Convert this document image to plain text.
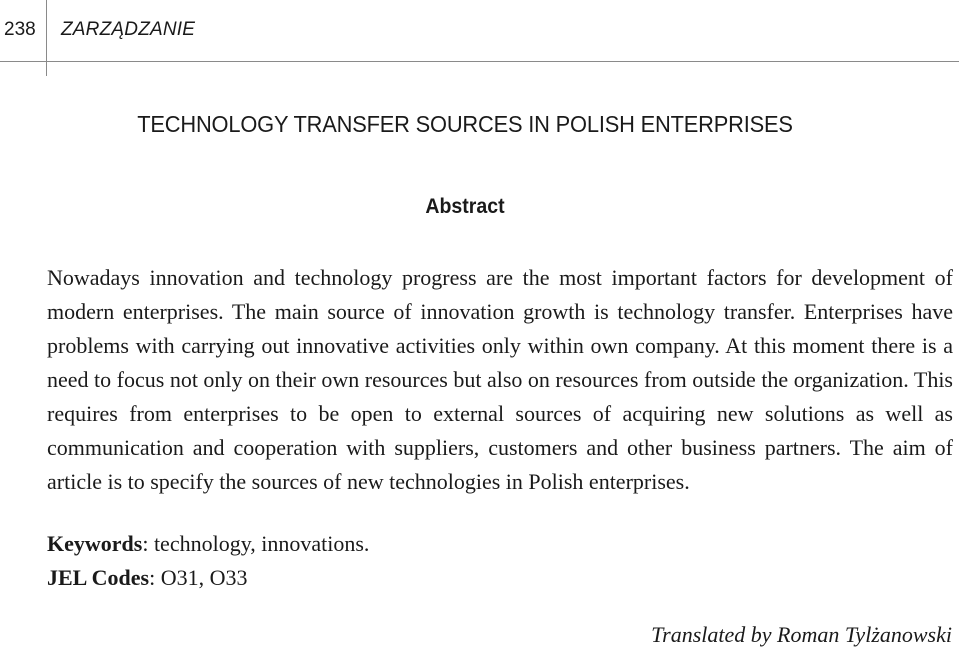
238 ZARZĄDZANIE
TECHNOLOGY TRANSFER SOURCES IN POLISH ENTERPRISES
Abstract

Nowadays innovation and technology progress are the most important factors for development of modern enterprises. The main source of innovation growth is technology transfer. Enterprises have problems with carrying out innovative activities only within own company. At this moment there is a need to focus not only on their own resources but also on resources from outside the organization. This requires from enterprises to be open to external sources of acquiring new solutions as well as communication and cooperation with suppliers, customers and other business partners. The aim of article is to specify the sources of new technologies in Polish enterprises.

Keywords: technology, innovations.
JEL Codes: O31, O33
Translated by Roman Tylżanowski
